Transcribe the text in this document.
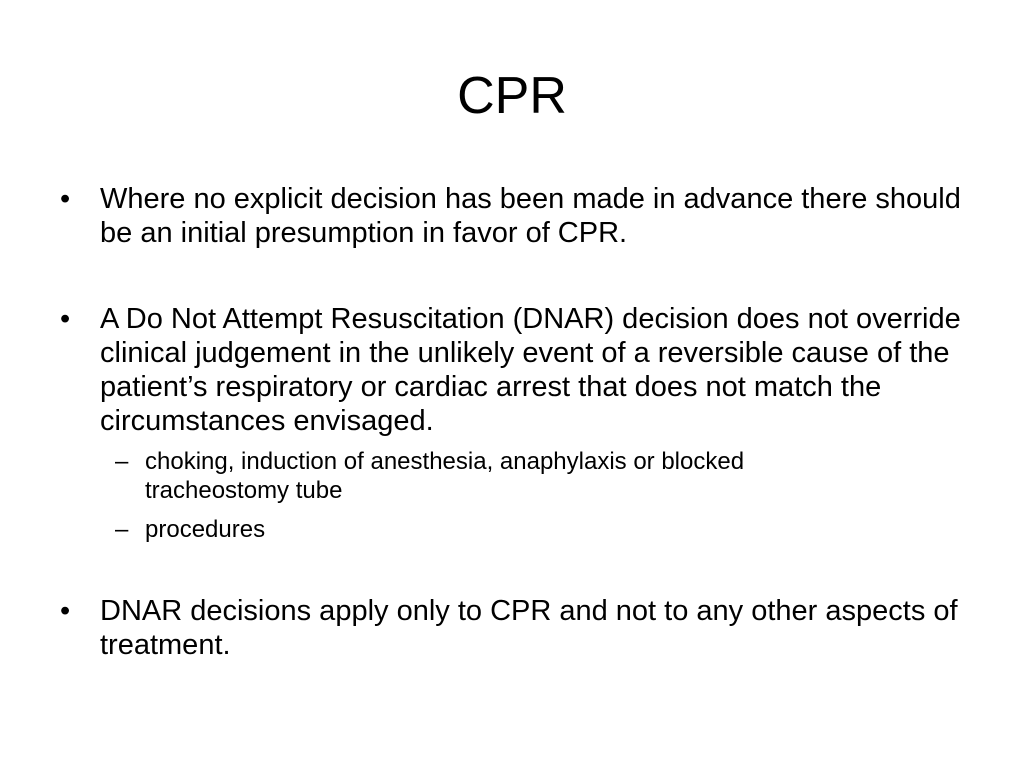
CPR
•	Where no explicit decision has been made in advance there should be an initial presumption in favor of CPR.
•	A Do Not Attempt Resuscitation (DNAR) decision does not override clinical judgement in the unlikely event of a reversible cause of the patient’s respiratory or cardiac arrest that does not match the circumstances envisaged.
– choking, induction of anesthesia, anaphylaxis or blocked tracheostomy tube
– procedures
•	DNAR decisions apply only to CPR and not to any other aspects of treatment.
